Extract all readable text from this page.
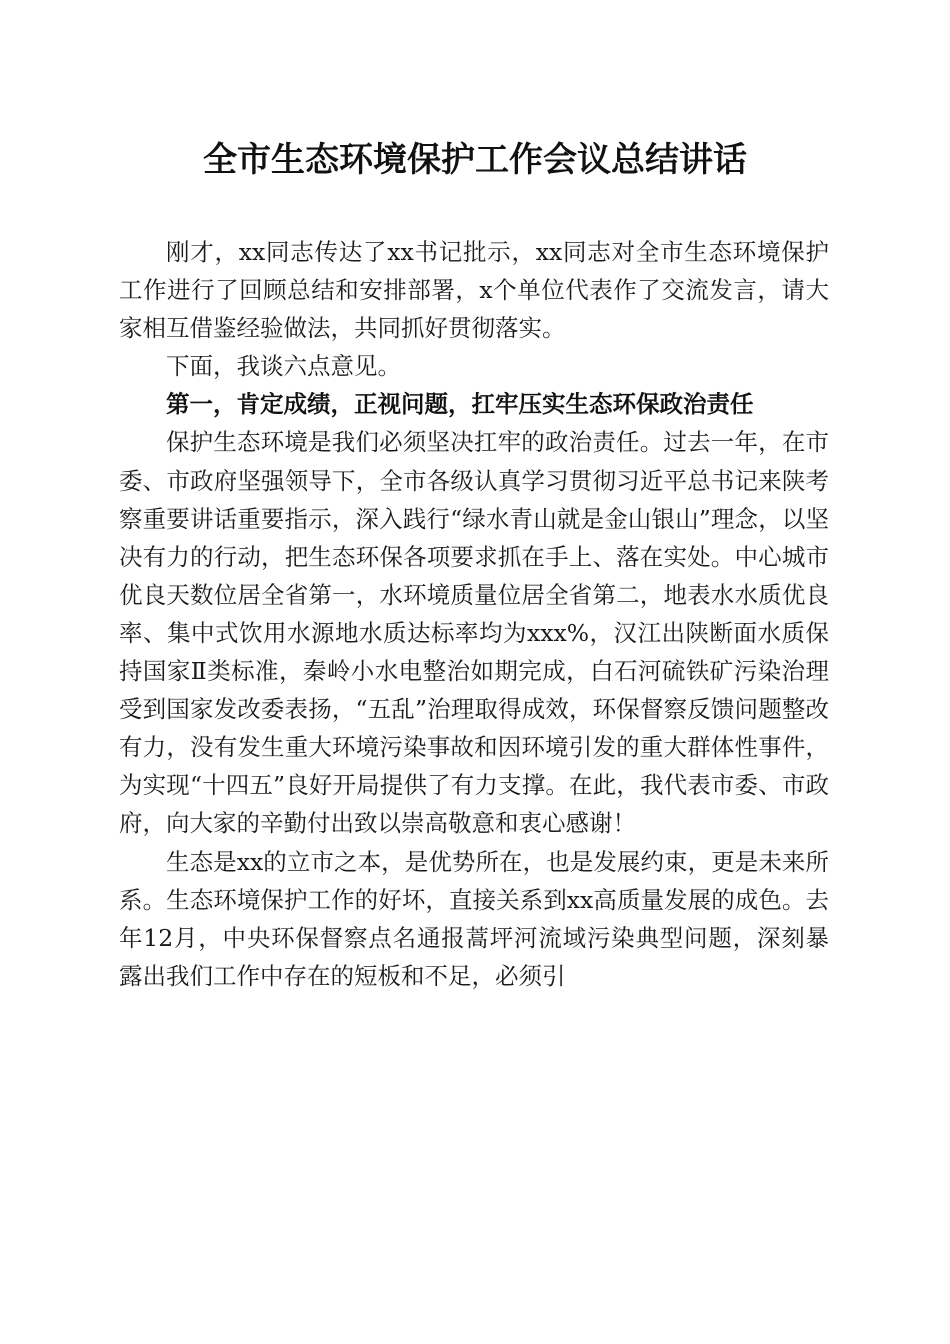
全市生态环境保护工作会议总结讲话

刚才，xx同志传达了xx书记批示，xx同志对全市生态环境保护工作进行了回顾总结和安排部署，x个单位代表作了交流发言，请大家相互借鉴经验做法，共同抓好贯彻落实。

下面，我谈六点意见。

第一，肯定成绩，正视问题，扛牢压实生态环保政治责任

保护生态环境是我们必须坚决扛牢的政治责任。过去一年，在市委、市政府坚强领导下，全市各级认真学习贯彻习近平总书记来陕考察重要讲话重要指示，深入践行“绿水青山就是金山银山”理念，以坚决有力的行动，把生态环保各项要求抓在手上、落在实处。中心城市优良天数位居全省第一，水环境质量位居全省第二，地表水水质优良率、集中式饮用水源地水质达标率均为xxx%，汉江出陕断面水质保持国家Ⅱ类标准，秦岭小水电整治如期完成，白石河硫铁矿污染治理受到国家发改委表扬，“五乱”治理取得成效，环保督察反馈问题整改有力，没有发生重大环境污染事故和因环境引发的重大群体性事件，为实现“十四五”良好开局提供了有力支撑。在此，我代表市委、市政府，向大家的辛勤付出致以崇高敬意和衷心感谢！

生态是xx的立市之本，是优势所在，也是发展约束，更是未来所系。生态环境保护工作的好坏，直接关系到xx高质量发展的成色。去年12月，中央环保督察点名通报蒿坪河流域污染典型问题，深刻暴露出我们工作中存在的短板和不足，必须引
